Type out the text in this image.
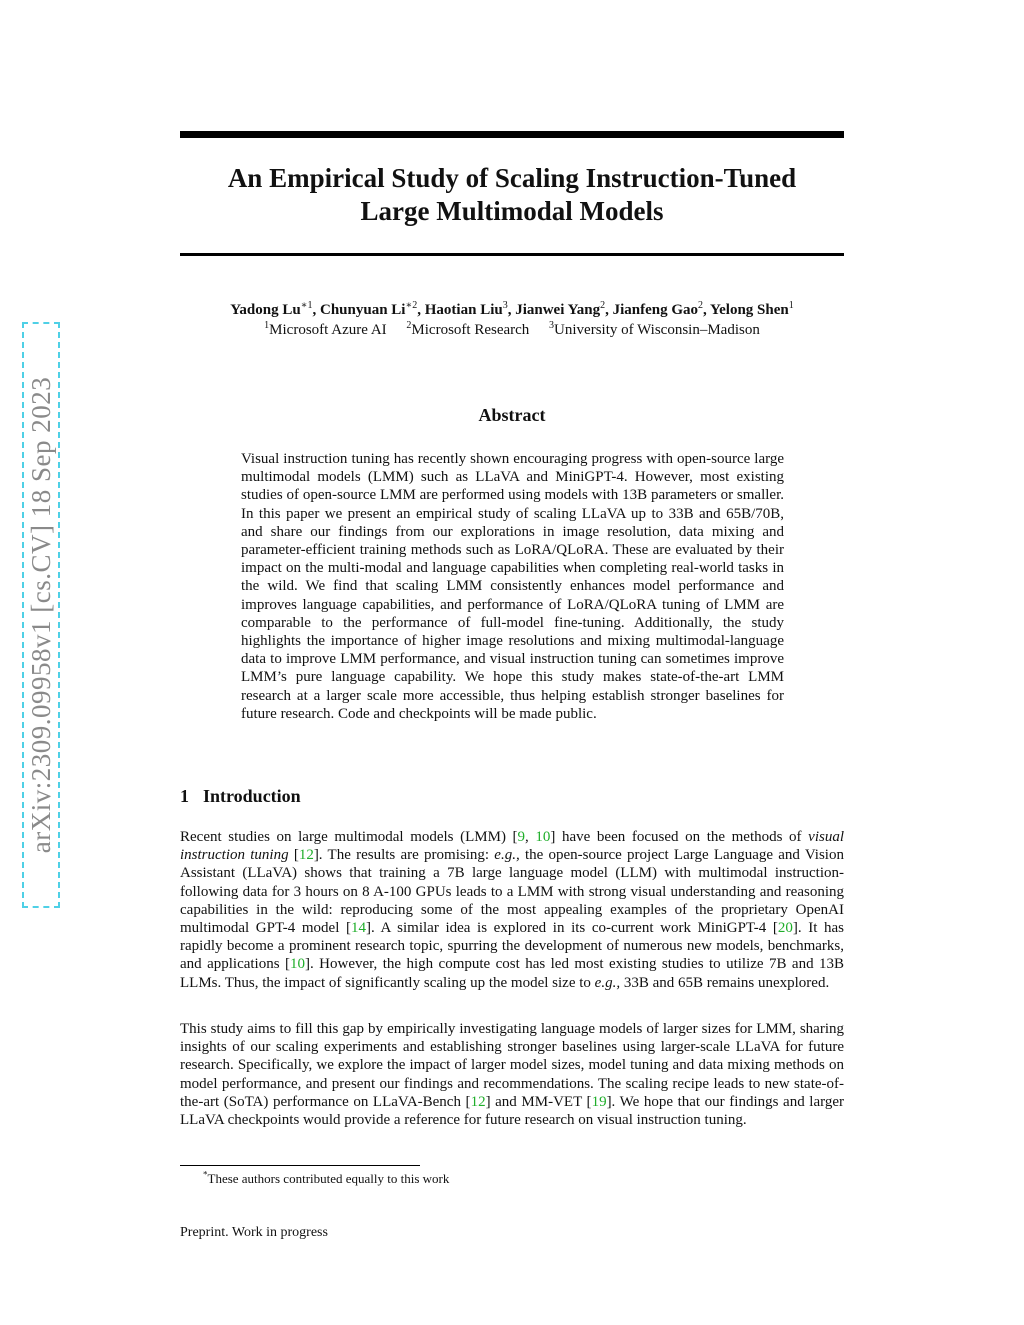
arXiv:2309.09958v1 [cs.CV] 18 Sep 2023
An Empirical Study of Scaling Instruction-Tuned
Large Multimodal Models
Yadong $Lu^{∗1}$, Chunyuan $Li^{∗2}$, Haotian Liu$^3$, Jianwei Yang$^2$, Jianfeng Gao$^2$, Yelong Shen$^1$
$^1$Microsoft Azure AI $^2$Microsoft Research $^3$University of Wisconsin–Madison
Abstract

Visual instruction tuning has recently shown encouraging progress with open-source large multimodal models (LMM) such as LLaVA and MiniGPT-4. However, most existing studies of open-source LMM are performed using models with 13B parameters or smaller. In this paper we present an empirical study of scaling LLaVA up to 33B and 65B/70B, and share our findings from our explorations in image resolution, data mixing and parameter-efficient training methods such as LoRA/QLoRA. These are evaluated by their impact on the multi-modal and language capabilities when completing real-world tasks in the wild. We find that scaling LMM consistently enhances model performance and improves language capabilities, and performance of LoRA/QLoRA tuning of LMM are comparable to the performance of full-model fine-tuning. Additionally, the study highlights the importance of higher image resolutions and mixing multimodal-language data to improve LMM performance, and visual instruction tuning can sometimes improve LMM’s pure language capability. We hope this study makes state-of-the-art LMM research at a larger scale more accessible, thus helping establish stronger baselines for future research. Code and checkpoints will be made public.

1 Introduction

Recent studies on large multimodal models (LMM) [9, 10] have been focused on the methods of visual instruction tuning [12]. The results are promising: e.g., the open-source project Large Language and Vision Assistant (LLaVA) shows that training a 7B large language model (LLM) with multimodal instruction-following data for 3 hours on 8 A-100 GPUs leads to a LMM with strong visual understanding and reasoning capabilities in the wild: reproducing some of the most appealing examples of the proprietary OpenAI multimodal GPT-4 model [14]. A similar idea is explored in its co-current work MiniGPT-4 [20]. It has rapidly become a prominent research topic, spurring the development of numerous new models, benchmarks, and applications [10]. However, the high compute cost has led most existing studies to utilize 7B and 13B LLMs. Thus, the impact of significantly scaling up the model size to e.g., 33B and 65B remains unexplored.

This study aims to fill this gap by empirically investigating language models of larger sizes for LMM, sharing insights of our scaling experiments and establishing stronger baselines using larger-scale LLaVA for future research. Specifically, we explore the impact of larger model sizes, model tuning and data mixing methods on model performance, and present our findings and recommendations. The scaling recipe leads to new state-of-the-art (SoTA) performance on LLaVA-Bench [12] and MM-VET [19]. We hope that our findings and larger LLaVA checkpoints would provide a reference for future research on visual instruction tuning.

*These authors contributed equally to this work
Preprint. Work in progress
